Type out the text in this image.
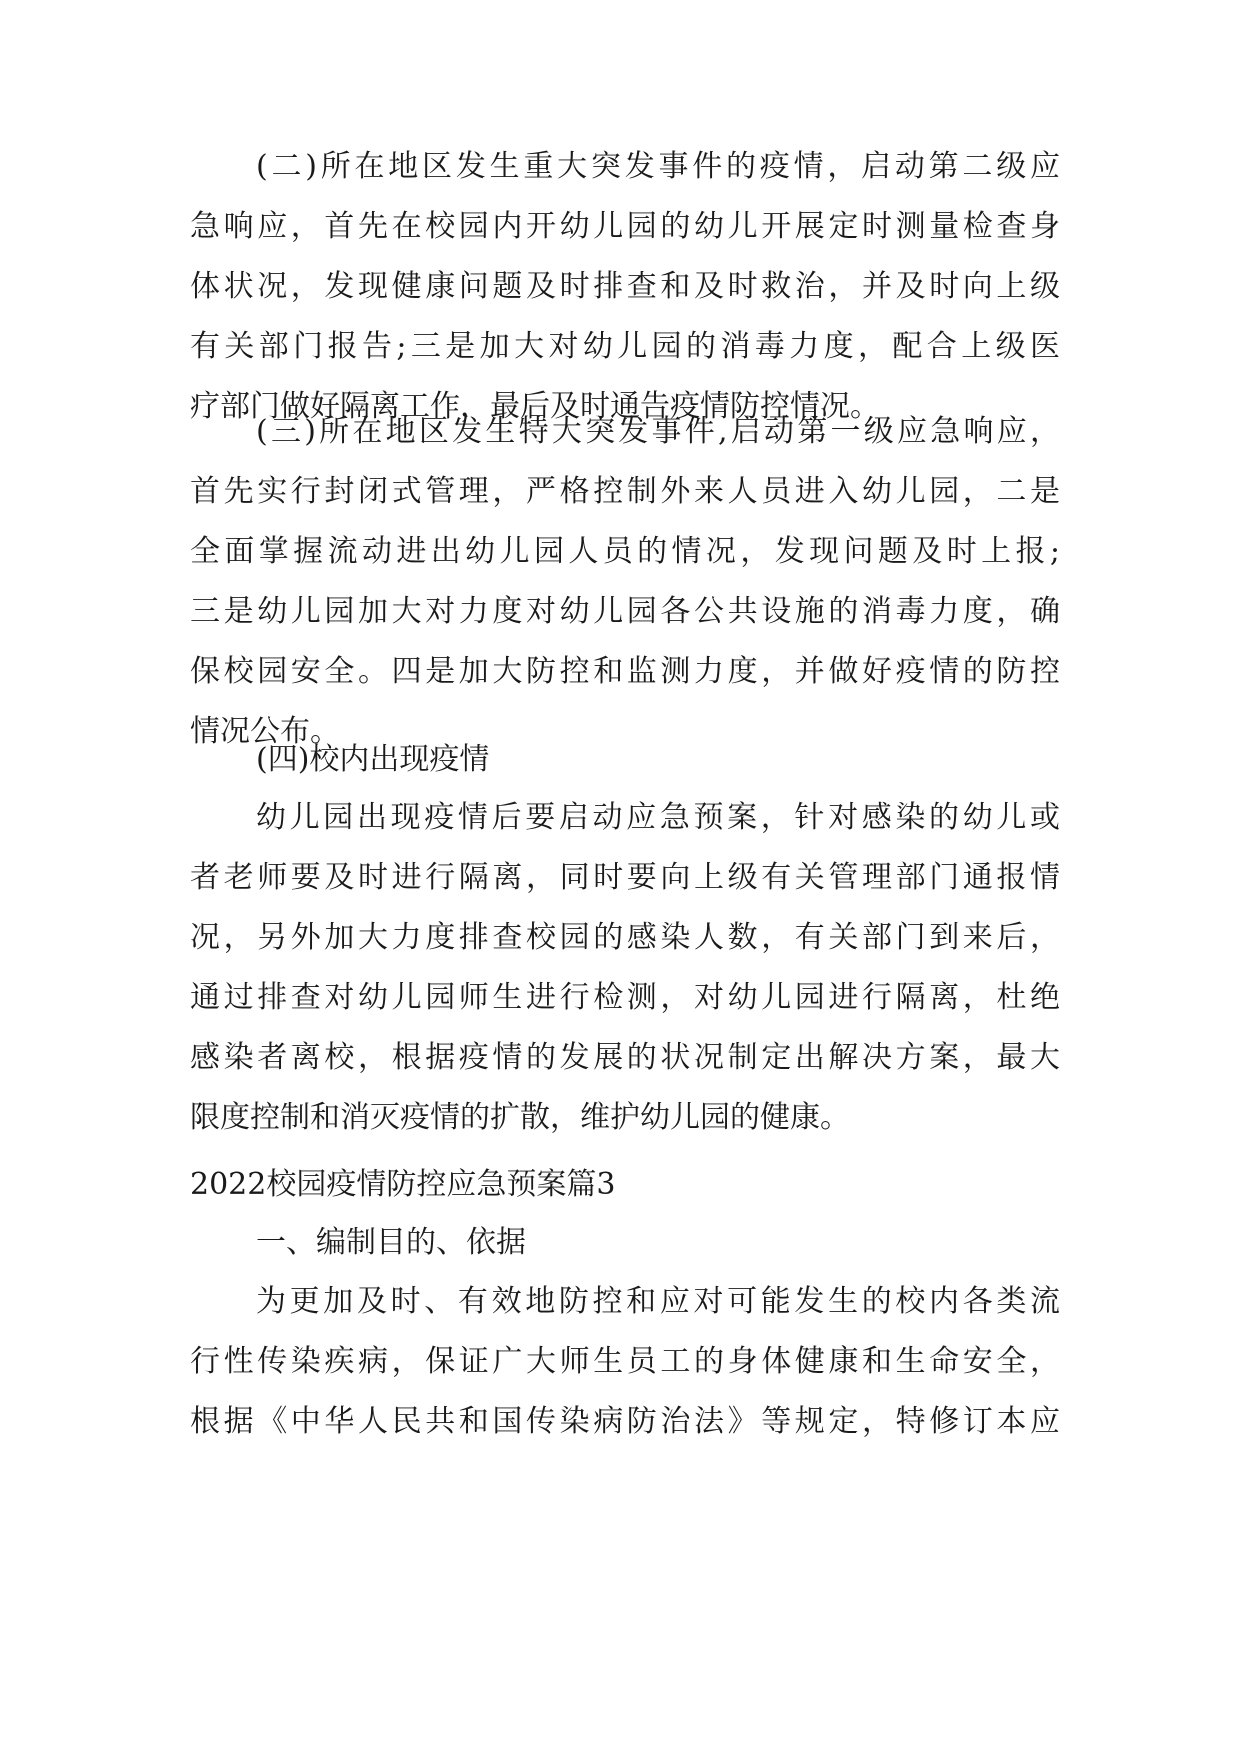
(二)所在地区发生重大突发事件的疫情，启动第二级应
急响应，首先在校园内开幼儿园的幼儿开展定时测量检查身
体状况，发现健康问题及时排查和及时救治，并及时向上级
有关部门报告;三是加大对幼儿园的消毒力度，配合上级医
疗部门做好隔离工作，最后及时通告疫情防控情况。
(三)所在地区发生特大突发事件,启动第一级应急响应，
首先实行封闭式管理，严格控制外来人员进入幼儿园，二是
全面掌握流动进出幼儿园人员的情况，发现问题及时上报;
三是幼儿园加大对力度对幼儿园各公共设施的消毒力度，确
保校园安全。四是加大防控和监测力度，并做好疫情的防控
情况公布。
(四)校内出现疫情
幼儿园出现疫情后要启动应急预案，针对感染的幼儿或
者老师要及时进行隔离，同时要向上级有关管理部门通报情
况，另外加大力度排查校园的感染人数，有关部门到来后，
通过排查对幼儿园师生进行检测，对幼儿园进行隔离，杜绝
感染者离校，根据疫情的发展的状况制定出解决方案，最大
限度控制和消灭疫情的扩散，维护幼儿园的健康。
2022校园疫情防控应急预案篇3
一、编制目的、依据
为更加及时、有效地防控和应对可能发生的校内各类流
行性传染疾病，保证广大师生员工的身体健康和生命安全，
根据《中华人民共和国传染病防治法》等规定，特修订本应
